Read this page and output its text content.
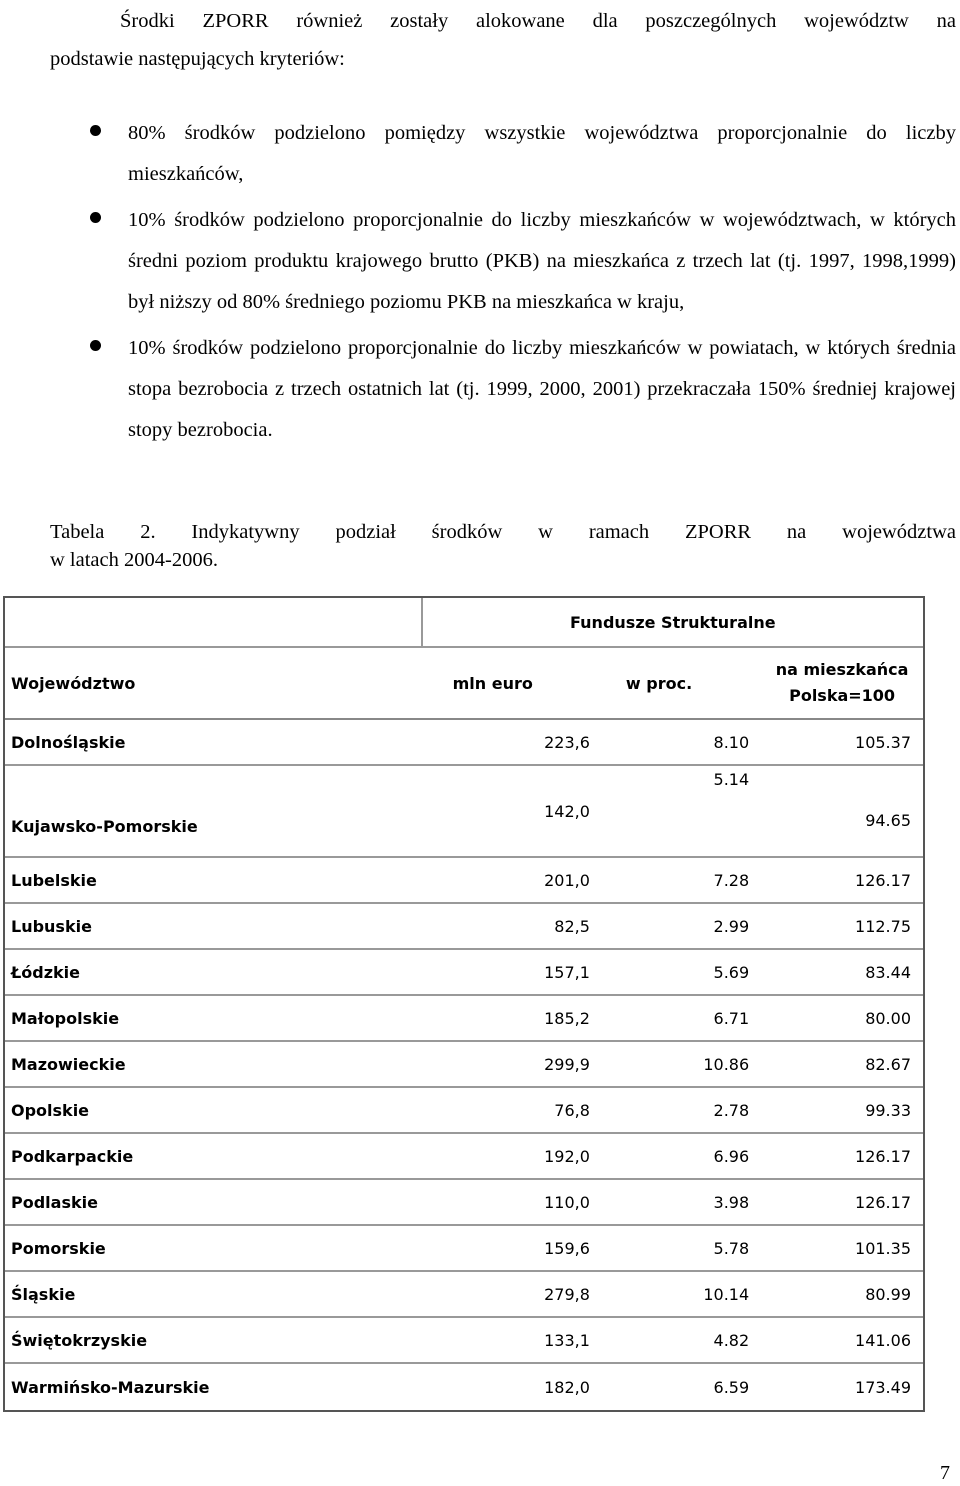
Środki ZPORR również zostały alokowane dla poszczególnych województw na

podstawie następujących kryteriów:

80% środków podzielono pomiędzy wszystkie województwa proporcjonalnie do liczby mieszkańców,
10% środków podzielono proporcjonalnie do liczby mieszkańców w województwach, w których średni poziom produktu krajowego brutto (PKB) na mieszkańca z trzech lat (tj. 1997, 1998,1999) był niższy od 80% średniego poziomu PKB na mieszkańca w kraju,
10% środków podzielono proporcjonalnie do liczby mieszkańców w powiatach, w których średnia stopa bezrobocia z trzech ostatnich lat (tj. 1999, 2000, 2001) przekraczała 150% średniej krajowej stopy bezrobocia.
Tabela 2. Indykatywny podział środków w ramach ZPORR na województwa
w latach 2004-2006.
	Fundusze Strukturalne		
Województwo	mln euro	w proc.	na mieszkańca
Polska=100

Dolnośląskie	223,6	8.10	105.37
Kujawsko-Pomorskie	142,0	5.14	94.65
Lubelskie	201,0	7.28	126.17
Lubuskie	82,5	2.99	112.75
Łódzkie	157,1	5.69	83.44
Małopolskie	185,2	6.71	80.00
Mazowieckie	299,9	10.86	82.67
Opolskie	76,8	2.78	99.33
Podkarpackie	192,0	6.96	126.17
Podlaskie	110,0	3.98	126.17
Pomorskie	159,6	5.78	101.35
Śląskie	279,8	10.14	80.99
Świętokrzyskie	133,1	4.82	141.06
Warmińsko-Mazurskie	182,0	6.59	173.49
7
